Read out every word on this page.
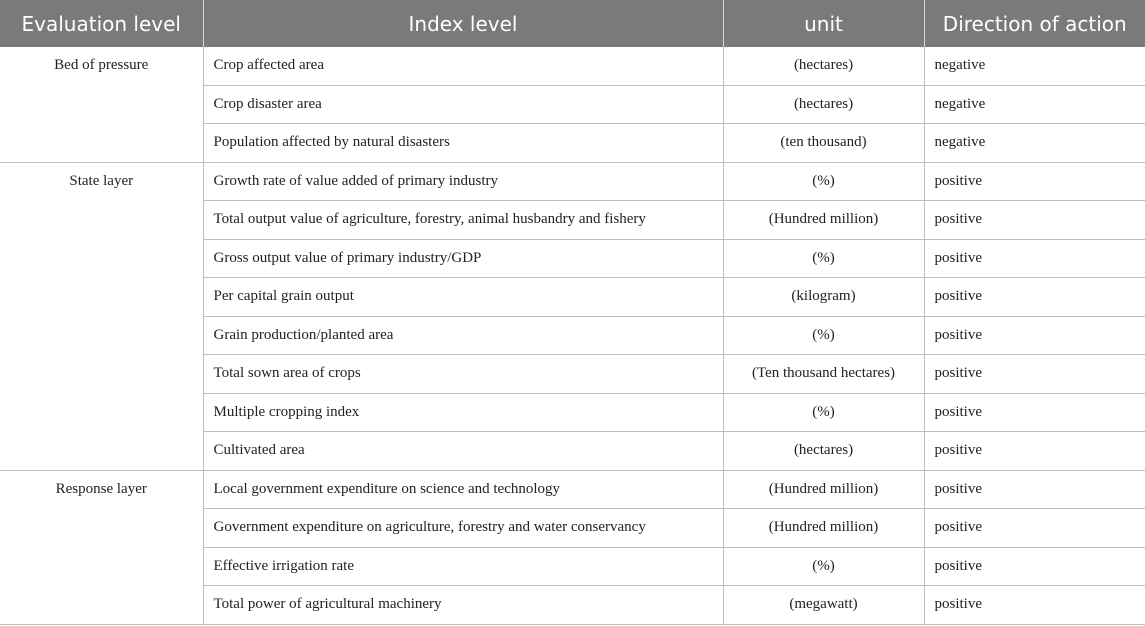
Evaluation level	Index level	unit	Direction of action
Bed of pressure	Crop affected area	(hectares)	negative
	Crop disaster area	(hectares)	negative
	Population affected by natural disasters	(ten thousand)	negative
State layer	Growth rate of value added of primary industry	(%)	positive
	Total output value of agriculture, forestry, animal husbandry and fishery	(Hundred million)	positive
	Gross output value of primary industry/GDP	(%)	positive
	Per capital grain output	(kilogram)	positive
	Grain production/planted area	(%)	positive
	Total sown area of crops	(Ten thousand hectares)	positive
	Multiple cropping index	(%)	positive
	Cultivated area	(hectares)	positive
Response layer	Local government expenditure on science and technology	(Hundred million)	positive
	Government expenditure on agriculture, forestry and water conservancy	(Hundred million)	positive
	Effective irrigation rate	(%)	positive
	Total power of agricultural machinery	(megawatt)	positive
